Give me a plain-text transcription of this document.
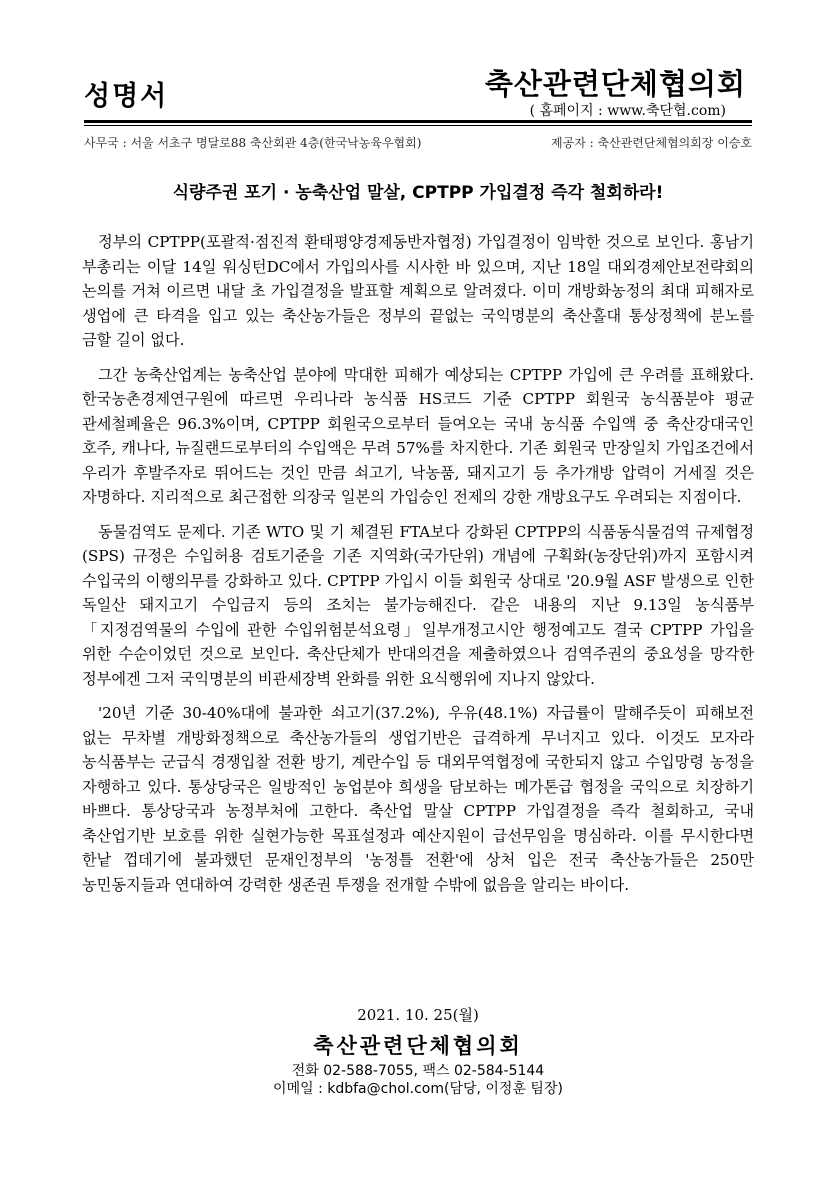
성명서	축산관련단체협의회
( 홈페이지 : www.축단협.com)
사무국 : 서울 서초구 명달로88 축산회관 4층(한국낙농육우협회)	제공자 : 축산관련단체협의회장 이승호
식량주권 포기 · 농축산업 말살, CPTPP 가입결정 즉각 철회하라!

정부의 CPTPP(포괄적·점진적 환태평양경제동반자협정) 가입결정이 임박한 것으로 보인다. 홍남기 부총리는 이달 14일 워싱턴DC에서 가입의사를 시사한 바 있으며, 지난 18일 대외경제안보전략회의 논의를 거쳐 이르면 내달 초 가입결정을 발표할 계획으로 알려졌다. 이미 개방화농정의 최대 피해자로 생업에 큰 타격을 입고 있는 축산농가들은 정부의 끝없는 국익명분의 축산홀대 통상정책에 분노를 금할 길이 없다.

그간 농축산업계는 농축산업 분야에 막대한 피해가 예상되는 CPTPP 가입에 큰 우려를 표해왔다. 한국농촌경제연구원에 따르면 우리나라 농식품 HS코드 기준 CPTPP 회원국 농식품분야 평균 관세철폐율은 96.3%이며, CPTPP 회원국으로부터 들여오는 국내 농식품 수입액 중 축산강대국인 호주, 캐나다, 뉴질랜드로부터의 수입액은 무려 57%를 차지한다. 기존 회원국 만장일치 가입조건에서 우리가 후발주자로 뛰어드는 것인 만큼 쇠고기, 낙농품, 돼지고기 등 추가개방 압력이 거세질 것은 자명하다. 지리적으로 최근접한 의장국 일본의 가입승인 전제의 강한 개방요구도 우려되는 지점이다.

동물검역도 문제다. 기존 WTO 및 기 체결된 FTA보다 강화된 CPTPP의 식품동식물검역 규제협정(SPS) 규정은 수입허용 검토기준을 기존 지역화(국가단위) 개념에 구획화(농장단위)까지 포함시켜 수입국의 이행의무를 강화하고 있다. CPTPP 가입시 이들 회원국 상대로 '20.9월 ASF 발생으로 인한 독일산 돼지고기 수입금지 등의 조치는 불가능해진다. 같은 내용의 지난 9.13일 농식품부「지정검역물의 수입에 관한 수입위험분석요령」일부개정고시안 행정예고도 결국 CPTPP 가입을 위한 수순이었던 것으로 보인다. 축산단체가 반대의견을 제출하였으나 검역주권의 중요성을 망각한 정부에겐 그저 국익명분의 비관세장벽 완화를 위한 요식행위에 지나지 않았다.

'20년 기준 30-40%대에 불과한 쇠고기(37.2%), 우유(48.1%) 자급률이 말해주듯이 피해보전 없는 무차별 개방화정책으로 축산농가들의 생업기반은 급격하게 무너지고 있다. 이것도 모자라 농식품부는 군급식 경쟁입찰 전환 방기, 계란수입 등 대외무역협정에 국한되지 않고 수입망령 농정을 자행하고 있다. 통상당국은 일방적인 농업분야 희생을 담보하는 메가톤급 협정을 국익으로 치장하기 바쁘다. 통상당국과 농정부처에 고한다. 축산업 말살 CPTPP 가입결정을 즉각 철회하고, 국내 축산업기반 보호를 위한 실현가능한 목표설정과 예산지원이 급선무임을 명심하라. 이를 무시한다면 한낱 껍데기에 불과했던 문재인정부의 '농정틀 전환'에 상처 입은 전국 축산농가들은 250만 농민동지들과 연대하여 강력한 생존권 투쟁을 전개할 수밖에 없음을 알리는 바이다.

2021. 10. 25(월)
축산관련단체협의회
전화 02-588-7055, 팩스 02-584-5144
이메일 : kdbfa@chol.com(담당, 이정훈 팀장)
